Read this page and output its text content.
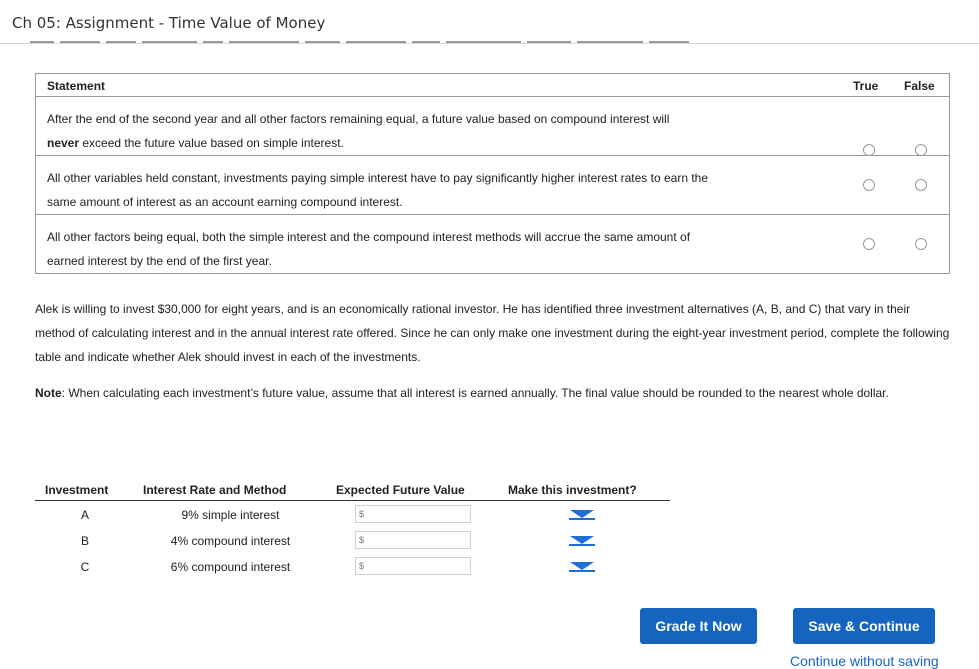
Ch 05: Assignment - Time Value of Money
Statement	True False
After the end of the second year and all other factors remaining equal, a future value based on compound interest will
never exceed the future value based on simple interest.
All other variables held constant, investments paying simple interest have to pay significantly higher interest rates to earn the
same amount of interest as an account earning compound interest.
All other factors being equal, both the simple interest and the compound interest methods will accrue the same amount of
earned interest by the end of the first year.
Alek is willing to invest $30,000 for eight years, and is an economically rational investor. He has identified three investment alternatives (A, B, and C) that vary in their method of calculating interest and in the annual interest rate offered. Since he can only make one investment during the eight-year investment period, complete the following table and indicate whether Alek should invest in each of the investments.
Note: When calculating each investment’s future value, assume that all interest is earned annually. The final value should be rounded to the nearest whole dollar.
Investment	Interest Rate and Method	Expected Future Value	Make this investment?
A	9% simple interest	$
B	4% compound interest	$
C	6% compound interest	$
Grade It Now	Save & Continue
Continue without saving
